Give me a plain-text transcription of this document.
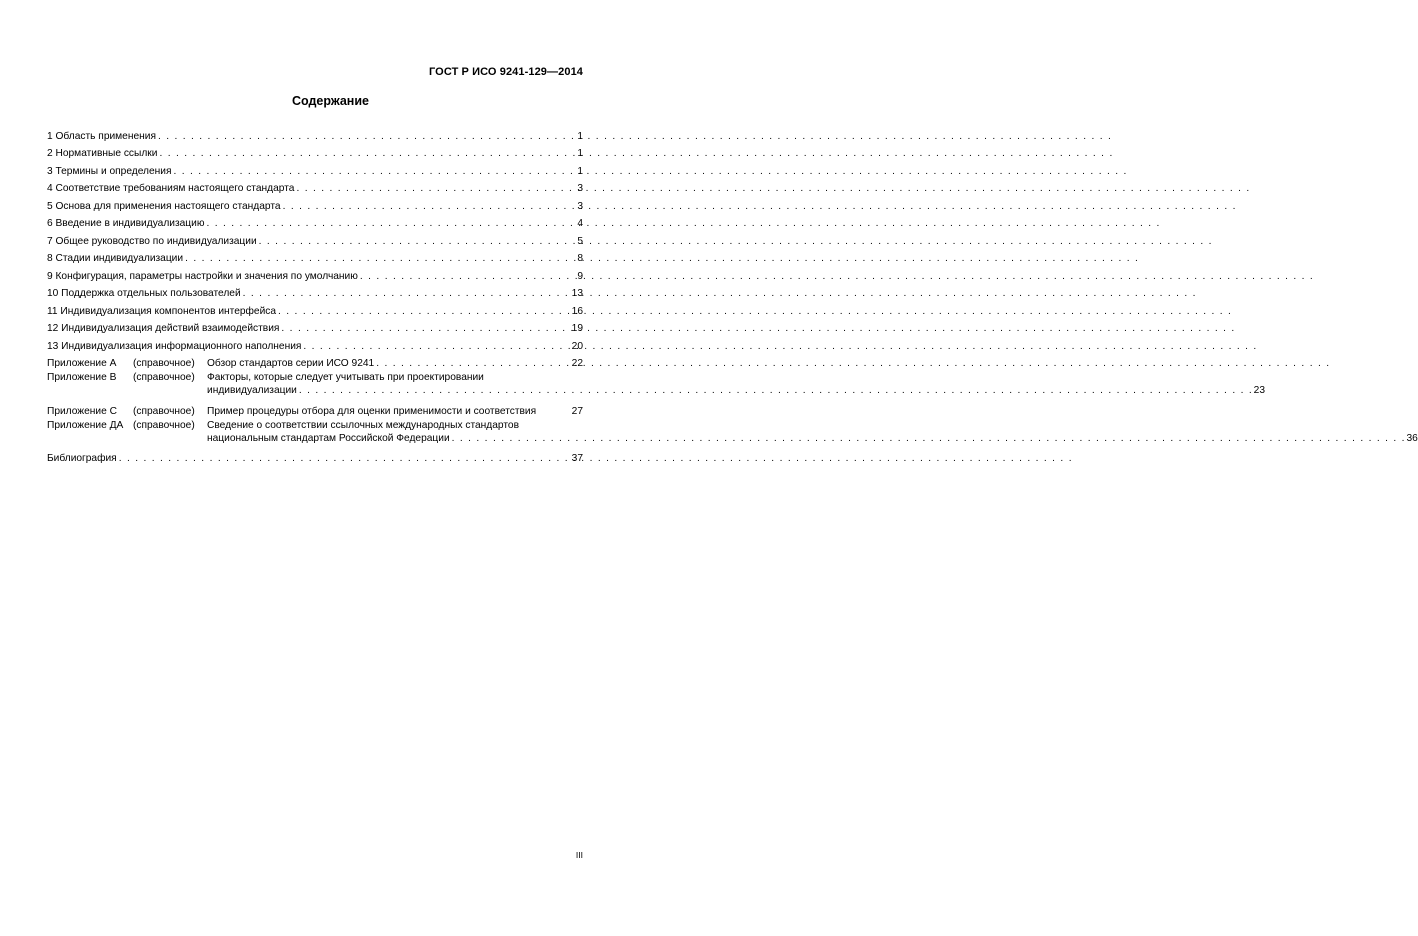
ГОСТ Р ИСО 9241-129—2014
Содержание
1 Область применения . . .	1
2 Нормативные ссылки . . .	1
3 Термины и определения . . .	1
4 Соответствие требованиям настоящего стандарта . . .	3
5 Основа для применения настоящего стандарта . . .	3
6 Введение в индивидуализацию . . .	4
7 Общее руководство по индивидуализации . . .	5
8 Стадии индивидуализации . . .	8
9 Конфигурация, параметры настройки и значения по умолчанию . . .	9
10 Поддержка отдельных пользователей . . .	13
11 Индивидуализация компонентов интерфейса . . .	16
12 Индивидуализация действий взаимодействия . . .	19
13 Индивидуализация информационного наполнения . . .	20
Приложение А	(справочное)	Обзор стандартов серии ИСО 9241 . . .	22
Приложение В	(справочное)	Факторы, которые следует учитывать при проектировании
индивидуализации . . .	23
Приложение С	(справочное)	Пример процедуры отбора для оценки применимости и соответствия	27
Приложение ДА (справочное)	Сведение о соответствии ссылочных международных стандартов
национальным стандартам Российской Федерации . . .	36
Библиография . . .	37
III
